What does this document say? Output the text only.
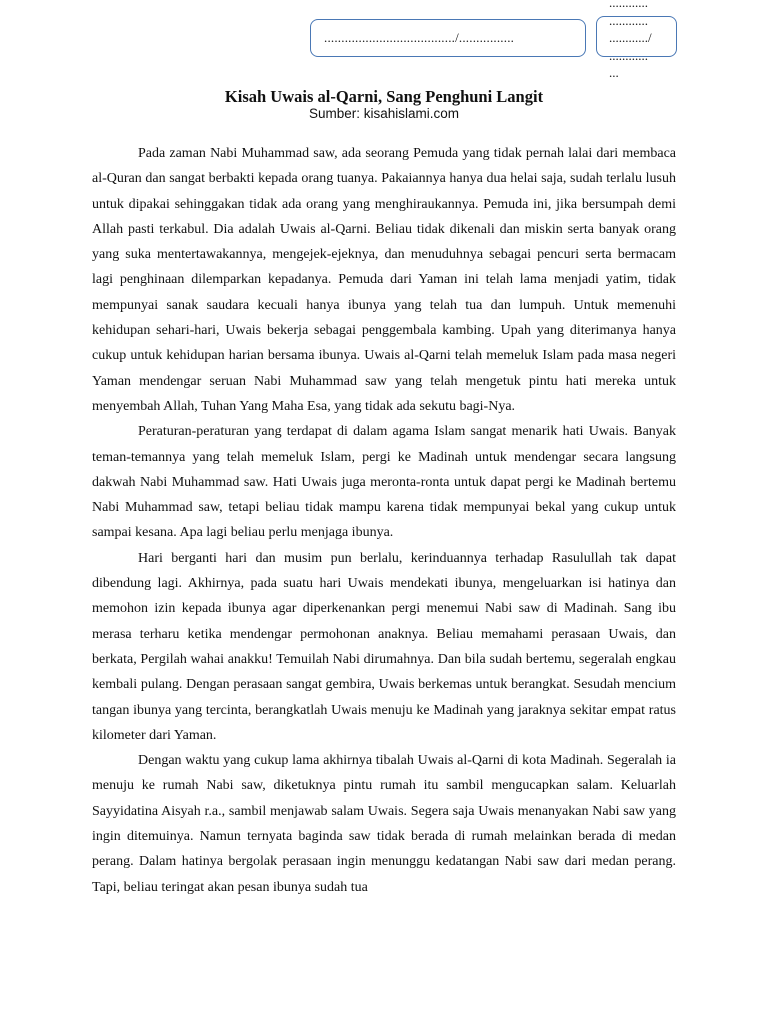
....................................../................
............
............
............/
............
...
Kisah Uwais al-Qarni, Sang Penghuni Langit
Sumber: kisahislami.com

Pada zaman Nabi Muhammad saw, ada seorang Pemuda yang tidak pernah lalai dari membaca al-Quran dan sangat berbakti kepada orang tuanya. Pakaiannya hanya dua helai saja, sudah terlalu lusuh untuk dipakai sehinggakan tidak ada orang yang menghiraukannya. Pemuda ini, jika bersumpah demi Allah pasti terkabul. Dia adalah Uwais al-Qarni. Beliau tidak dikenali dan miskin serta banyak orang yang suka mentertawakannya, mengejek-ejeknya, dan menuduhnya sebagai pencuri serta bermacam lagi penghinaan dilemparkan kepadanya. Pemuda dari Yaman ini telah lama menjadi yatim, tidak mempunyai sanak saudara kecuali hanya ibunya yang telah tua dan lumpuh. Untuk memenuhi kehidupan sehari-hari, Uwais bekerja sebagai penggembala kambing. Upah yang diterimanya hanya cukup untuk kehidupan harian bersama ibunya. Uwais al-Qarni telah memeluk Islam pada masa negeri Yaman mendengar seruan Nabi Muhammad saw yang telah mengetuk pintu hati mereka untuk menyembah Allah, Tuhan Yang Maha Esa, yang tidak ada sekutu bagi-Nya.

Peraturan-peraturan yang terdapat di dalam agama Islam sangat menarik hati Uwais. Banyak teman-temannya yang telah memeluk Islam, pergi ke Madinah untuk mendengar secara langsung dakwah Nabi Muhammad saw. Hati Uwais juga meronta-ronta untuk dapat pergi ke Madinah bertemu Nabi Muhammad saw, tetapi beliau tidak mampu karena tidak mempunyai bekal yang cukup untuk sampai kesana. Apa lagi beliau perlu menjaga ibunya.

Hari berganti hari dan musim pun berlalu, kerinduannya terhadap Rasulullah tak dapat dibendung lagi. Akhirnya, pada suatu hari Uwais mendekati ibunya, mengeluarkan isi hatinya dan memohon izin kepada ibunya agar diperkenankan pergi menemui Nabi saw di Madinah. Sang ibu merasa terharu ketika mendengar permohonan anaknya. Beliau memahami perasaan Uwais, dan berkata, Pergilah wahai anakku! Temuilah Nabi dirumahnya. Dan bila sudah bertemu, segeralah engkau kembali pulang. Dengan perasaan sangat gembira, Uwais berkemas untuk berangkat. Sesudah mencium tangan ibunya yang tercinta, berangkatlah Uwais menuju ke Madinah yang jaraknya sekitar empat ratus kilometer dari Yaman.

Dengan waktu yang cukup lama akhirnya tibalah Uwais al-Qarni di kota Madinah. Segeralah ia menuju ke rumah Nabi saw, diketuknya pintu rumah itu sambil mengucapkan salam. Keluarlah Sayyidatina Aisyah r.a., sambil menjawab salam Uwais. Segera saja Uwais menanyakan Nabi saw yang ingin ditemuinya. Namun ternyata baginda saw tidak berada di rumah melainkan berada di medan perang. Dalam hatinya bergolak perasaan ingin menunggu kedatangan Nabi saw dari medan perang. Tapi, beliau teringat akan pesan ibunya sudah tua
